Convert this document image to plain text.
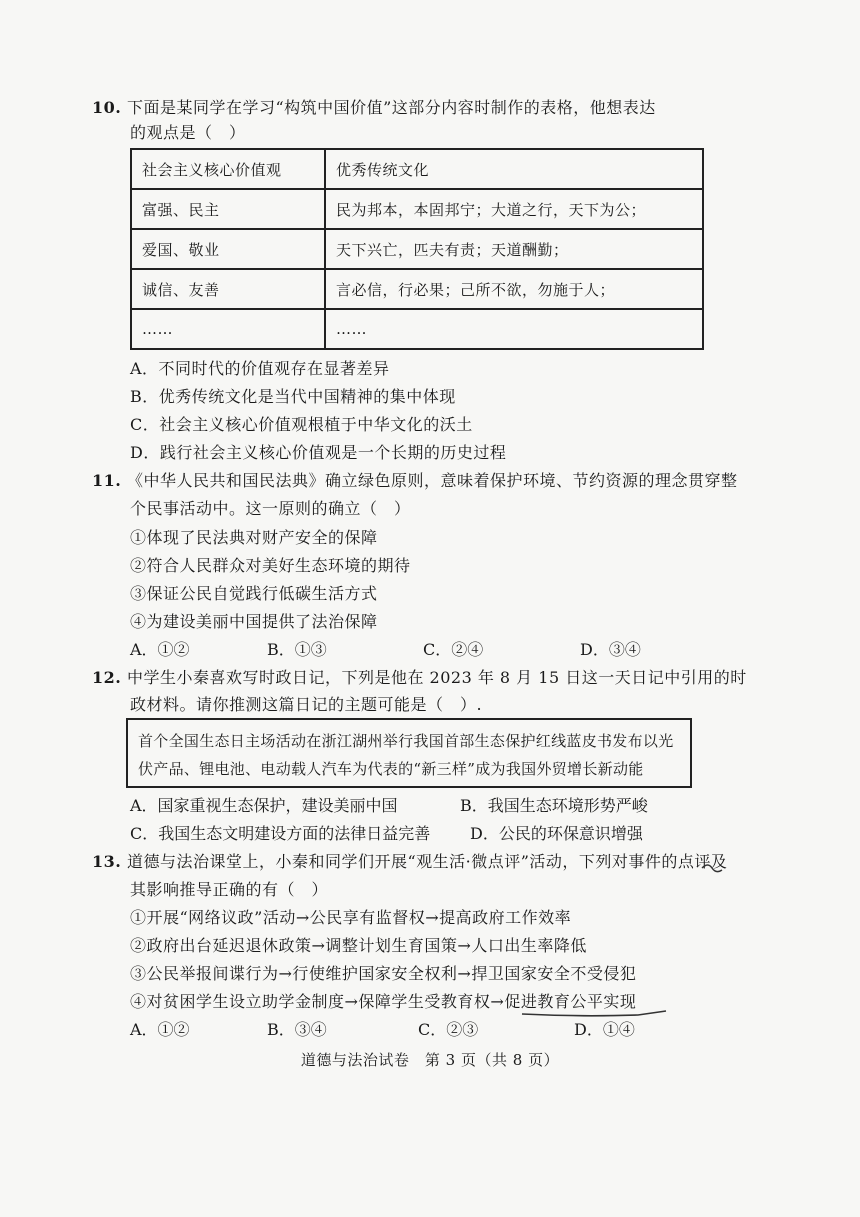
10. 下面是某同学在学习“构筑中国价值”这部分内容时制作的表格，他想表达
的观点是（　）
社会主义核心价值观	优秀传统文化
富强、民主	民为邦本，本固邦宁；大道之行，天下为公；
爱国、敬业	天下兴亡，匹夫有责；天道酬勤；
诚信、友善	言必信，行必果；己所不欲，勿施于人；
……	……
A．不同时代的价值观存在显著差异
B．优秀传统文化是当代中国精神的集中体现
C．社会主义核心价值观根植于中华文化的沃土
D．践行社会主义核心价值观是一个长期的历史过程
11. 《中华人民共和国民法典》确立绿色原则，意味着保护环境、节约资源的理念贯穿整
个民事活动中。这一原则的确立（　）
①体现了民法典对财产安全的保障
②符合人民群众对美好生态环境的期待
③保证公民自觉践行低碳生活方式
④为建设美丽中国提供了法治保障
A．①②	B．①③	C．②④	D．③④
12. 中学生小秦喜欢写时政日记，下列是他在 2023 年 8 月 15 日这一天日记中引用的时
政材料。请你推测这篇日记的主题可能是（　）.
首个全国生态日主场活动在浙江湖州举行我国首部生态保护红线蓝皮书发布以光
伏产品、锂电池、电动载人汽车为代表的“新三样”成为我国外贸增长新动能
A．国家重视生态保护，建设美丽中国	B．我国生态环境形势严峻
C．我国生态文明建设方面的法律日益完善 D．公民的环保意识增强
13. 道德与法治课堂上，小秦和同学们开展“观生活·微点评”活动，下列对事件的点评及
其影响推导正确的有（　）
①开展“网络议政”活动→公民享有监督权→提高政府工作效率
②政府出台延迟退休政策→调整计划生育国策→人口出生率降低
③公民举报间谍行为→行使维护国家安全权利→捍卫国家安全不受侵犯
④对贫困学生设立助学金制度→保障学生受教育权→促进教育公平实现
A．①②	B．③④	C．②③	D．①④
道德与法治试卷　第 3 页（共 8 页）
